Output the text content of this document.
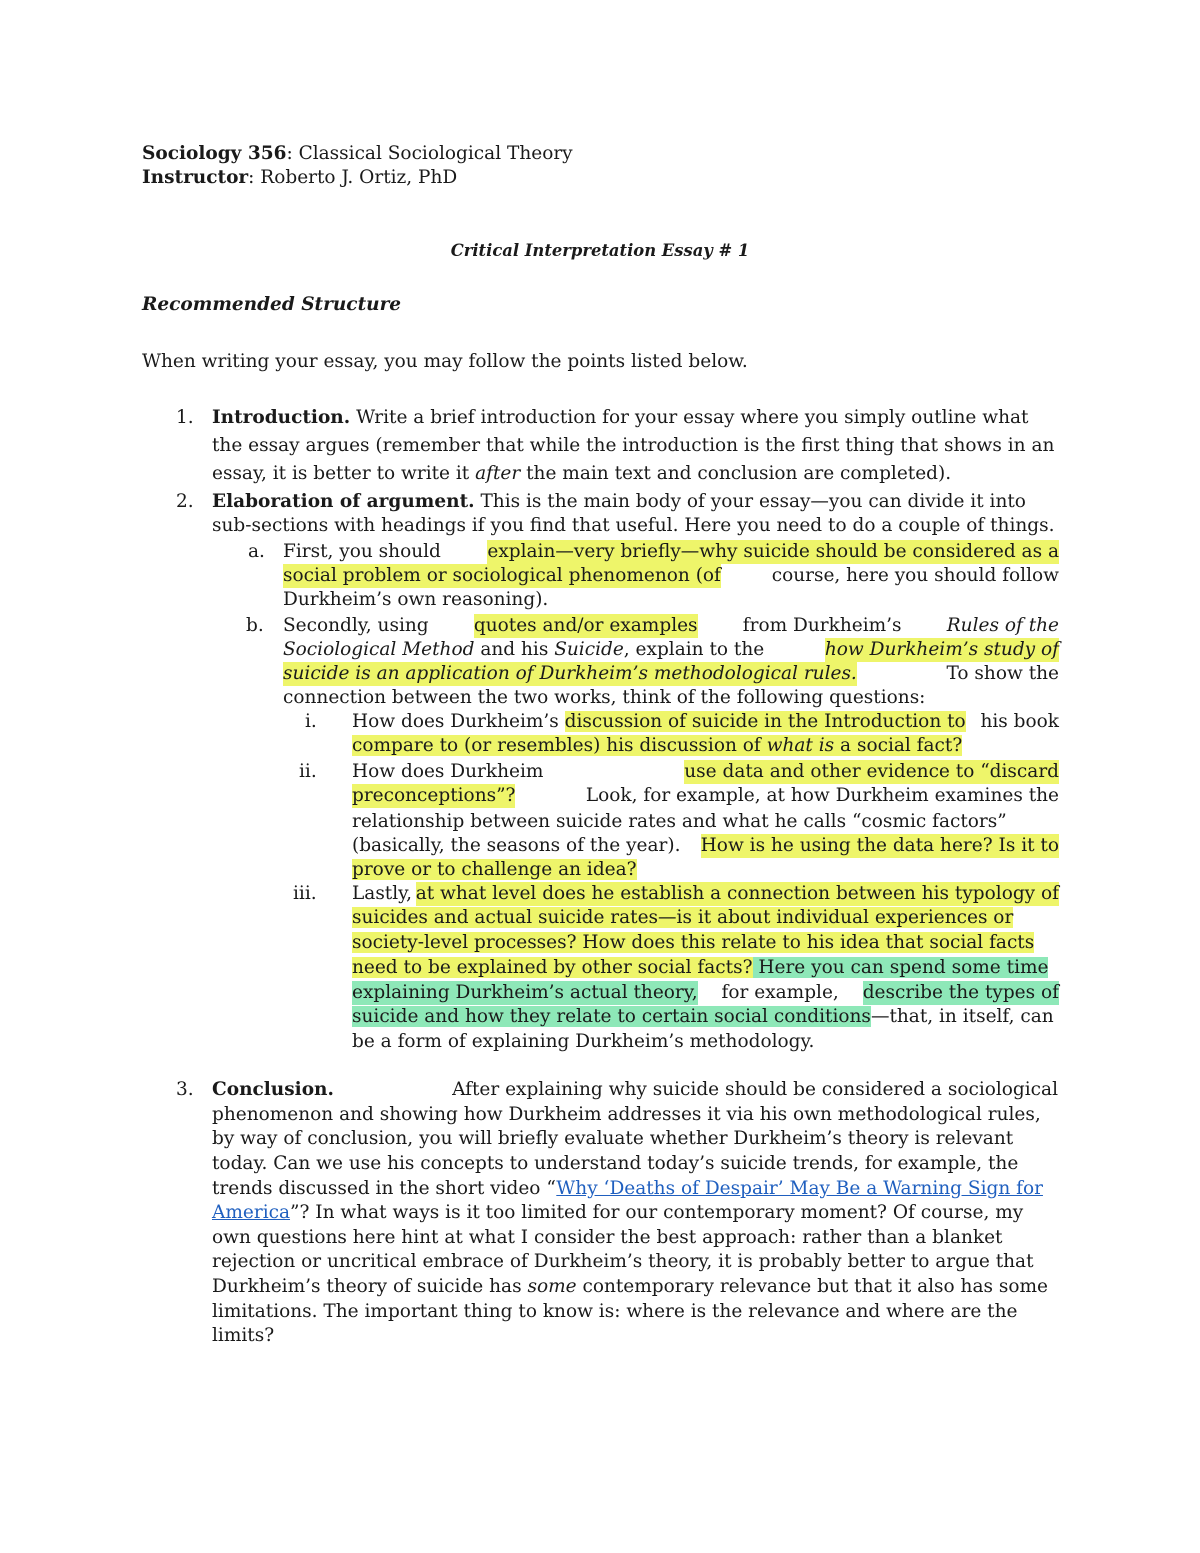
Sociology 356: Classical Sociological Theory
Instructor: Roberto J. Ortiz, PhD
Critical Interpretation Essay # 1
Recommended Structure
When writing your essay, you may follow the points listed below.
1. Introduction. Write a brief introduction for your essay where you simply outline what
the essay argues (remember that while the introduction is the first thing that shows in an
essay, it is better to write it after the main text and conclusion are completed).
2. Elaboration of argument. This is the main body of your essay—you can divide it into
sub-sections with headings if you find that useful. Here you need to do a couple of things.
a. First, you should	explain—very briefly—why suicide should be considered as a
social problem or sociological phenomenon (of	course, here you should follow
Durkheim’s own reasoning).
b. Secondly, using quotes and/or examples from Durkheim’s Rules of the
Sociological Method and his Suicide, explain to the	how Durkheim’s study of
suicide is an application of Durkheim’s methodological rules.	To show the
connection between the two works, think of the following questions:
i. How does Durkheim’s discussion of suicide in the Introduction to his book
compare to (or resembles) his discussion of what is a social fact?
ii. How does Durkheim	use data and other evidence to “discard
preconceptions”?	Look, for example, at how Durkheim examines the
relationship between suicide rates and what he calls “cosmic factors”
(basically, the seasons of the year). How is he using the data here? Is it to
prove or to challenge an idea?
iii. Lastly, at what level does he establish a connection between his typology of
suicides and actual suicide rates—is it about individual experiences or
society-level processes? How does this relate to his idea that social facts
need to be explained by other social facts? Here you can spend some time
explaining Durkheim’s actual theory, for example, describe the types of
suicide and how they relate to certain social conditions—that, in itself, can
be a form of explaining Durkheim’s methodology.
3. Conclusion.	After explaining why suicide should be considered a sociological
phenomenon and showing how Durkheim addresses it via his own methodological rules,
by way of conclusion, you will briefly evaluate whether Durkheim’s theory is relevant
today. Can we use his concepts to understand today’s suicide trends, for example, the
trends discussed in the short video “Why ‘Deaths of Despair’ May Be a Warning Sign for
America”? In what ways is it too limited for our contemporary moment? Of course, my
own questions here hint at what I consider the best approach: rather than a blanket
rejection or uncritical embrace of Durkheim’s theory, it is probably better to argue that
Durkheim’s theory of suicide has some contemporary relevance but that it also has some
limitations. The important thing to know is: where is the relevance and where are the
limits?
